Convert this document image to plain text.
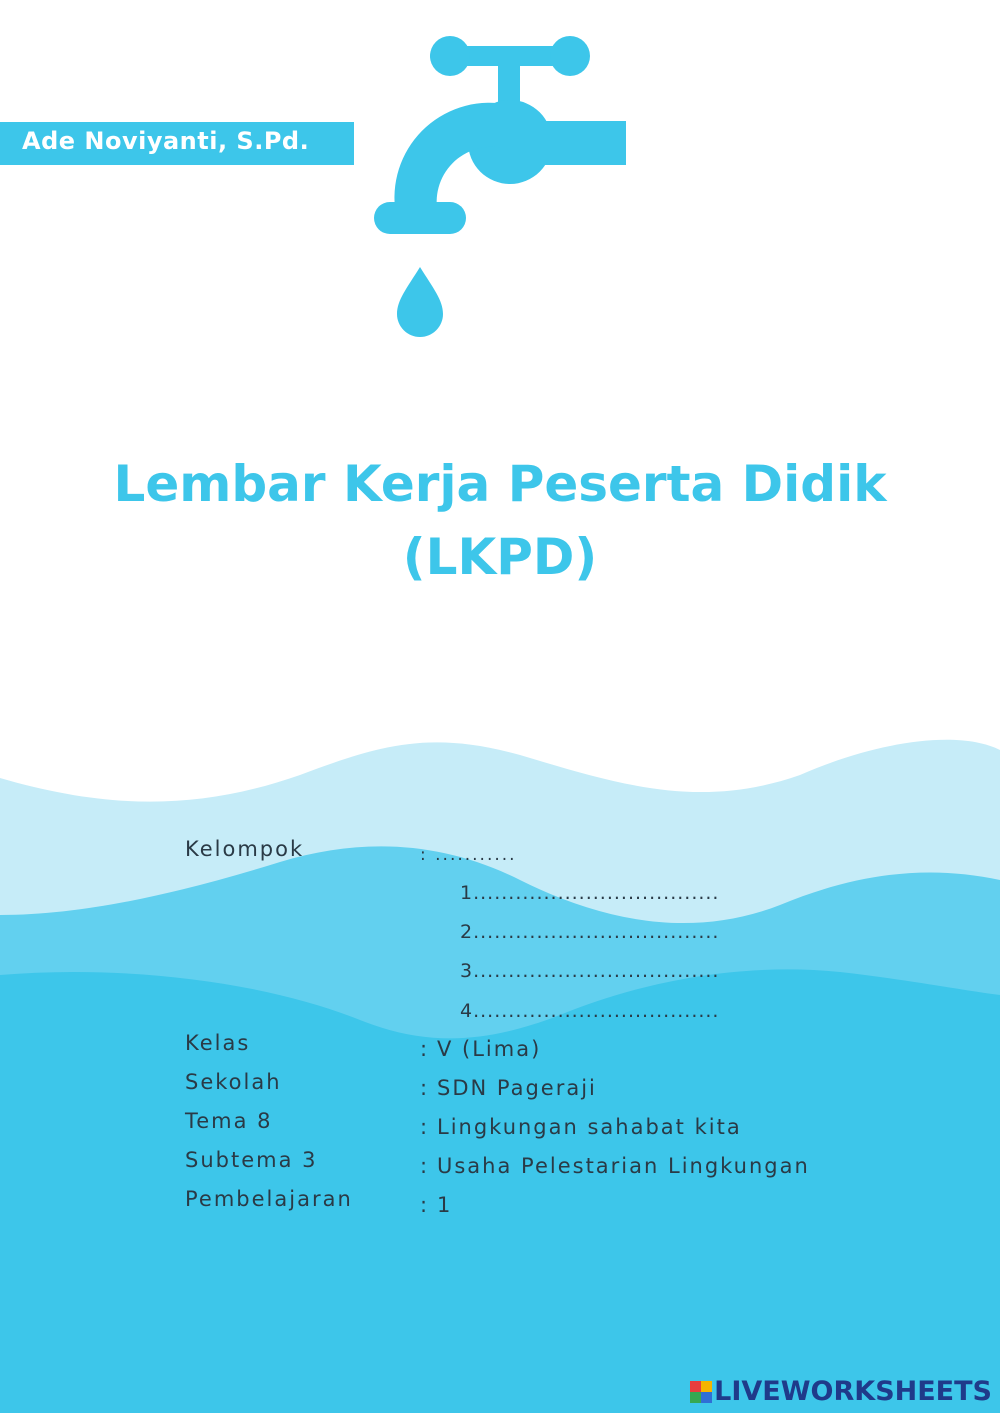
Ade Noviyanti, S.Pd.
Lembar Kerja Peserta Didik
(LKPD)
Kelompok	: ...........
1...................................
2...................................
3...................................
4...................................
Kelas	: V (Lima)
Sekolah	: SDN Pageraji
Tema 8	: Lingkungan sahabat kita
Subtema 3	: Usaha Pelestarian Lingkungan
Pembelajaran	: 1
LIVEWORKSHEETS
